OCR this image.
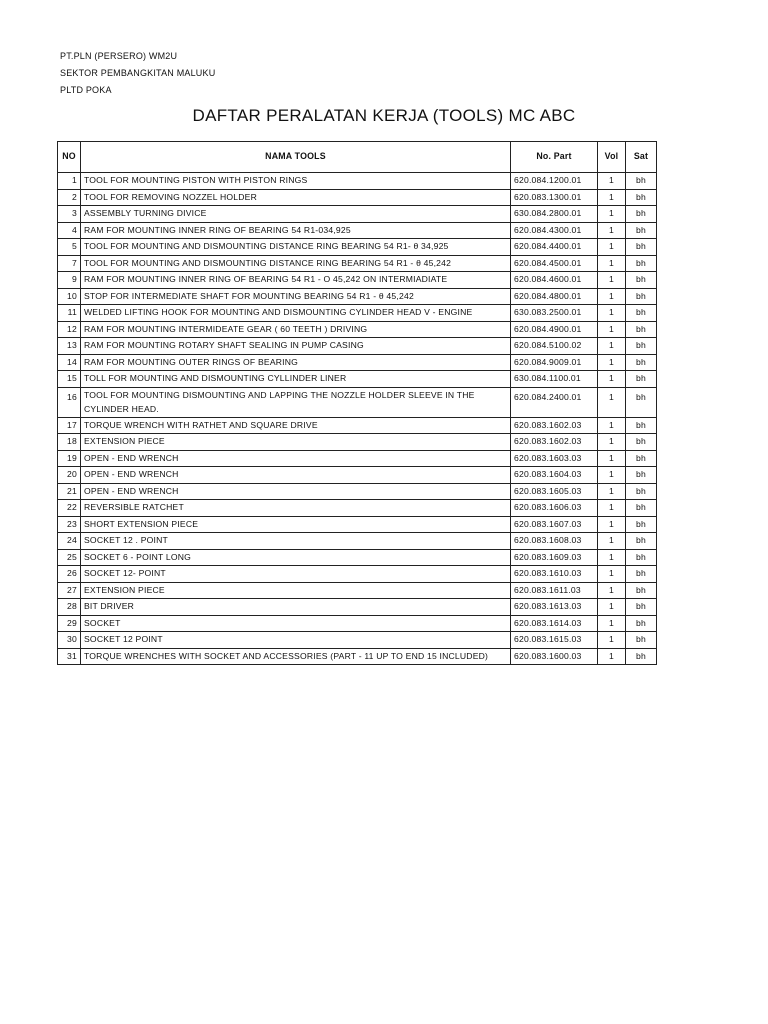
PT.PLN (PERSERO) WM2U
SEKTOR PEMBANGKITAN MALUKU
PLTD POKA
DAFTAR PERALATAN KERJA (TOOLS) MC ABC
NO	NAMA TOOLS	No. Part	Vol	Sat
1	TOOL FOR MOUNTING PISTON WITH PISTON RINGS	620.084.1200.01	1	bh
2	TOOL FOR REMOVING NOZZEL HOLDER	620.083.1300.01	1	bh
3	ASSEMBLY TURNING DIVICE	630.084.2800.01	1	bh
4	RAM FOR MOUNTING INNER RING OF BEARING 54 R1-034,925	620.084.4300.01	1	bh
5	TOOL FOR MOUNTING AND DISMOUNTING DISTANCE RING BEARING 54 R1- θ 34,925	620.084.4400.01	1	bh
7	TOOL FOR MOUNTING AND DISMOUNTING DISTANCE RING BEARING 54 R1 - θ 45,242	620.084.4500.01	1	bh
9	RAM FOR MOUNTING INNER RING OF BEARING 54 R1 - O 45,242 ON INTERMIADIATE	620.084.4600.01	1	bh
10	STOP FOR INTERMEDIATE SHAFT FOR MOUNTING BEARING 54 R1 - θ 45,242	620.084.4800.01	1	bh
11	WELDED LIFTING HOOK FOR MOUNTING AND DISMOUNTING CYLINDER HEAD V - ENGINE	630.083.2500.01	1	bh
12	RAM FOR MOUNTING INTERMIDEATE GEAR ( 60 TEETH ) DRIVING	620.084.4900.01	1	bh
13	RAM FOR MOUNTING ROTARY SHAFT SEALING IN PUMP CASING	620.084.5100.02	1	bh
14	RAM FOR MOUNTING OUTER RINGS OF BEARING	620.084.9009.01	1	bh
15	TOLL FOR MOUNTING AND DISMOUNTING CYLLINDER LINER	630.084.1100.01	1	bh
16	TOOL FOR MOUNTING DISMOUNTING AND LAPPING THE NOZZLE HOLDER SLEEVE IN THE CYLINDER HEAD.	620.084.2400.01	1	bh
17	TORQUE WRENCH WITH RATHET AND SQUARE DRIVE	620.083.1602.03	1	bh
18	EXTENSION PIECE	620.083.1602.03	1	bh
19	OPEN - END WRENCH	620.083.1603.03	1	bh
20	OPEN - END WRENCH	620.083.1604.03	1	bh
21	OPEN - END WRENCH	620.083.1605.03	1	bh
22	REVERSIBLE RATCHET	620.083.1606.03	1	bh
23	SHORT EXTENSION PIECE	620.083.1607.03	1	bh
24	SOCKET 12 . POINT	620.083.1608.03	1	bh
25	SOCKET 6 - POINT LONG	620.083.1609.03	1	bh
26	SOCKET 12- POINT	620.083.1610.03	1	bh
27	EXTENSION PIECE	620.083.1611.03	1	bh
28	BIT DRIVER	620.083.1613.03	1	bh
29	SOCKET	620.083.1614.03	1	bh
30	SOCKET 12 POINT	620.083.1615.03	1	bh
31	TORQUE WRENCHES WITH SOCKET AND ACCESSORIES (PART - 11 UP TO END 15 INCLUDED)	620.083.1600.03	1	bh
